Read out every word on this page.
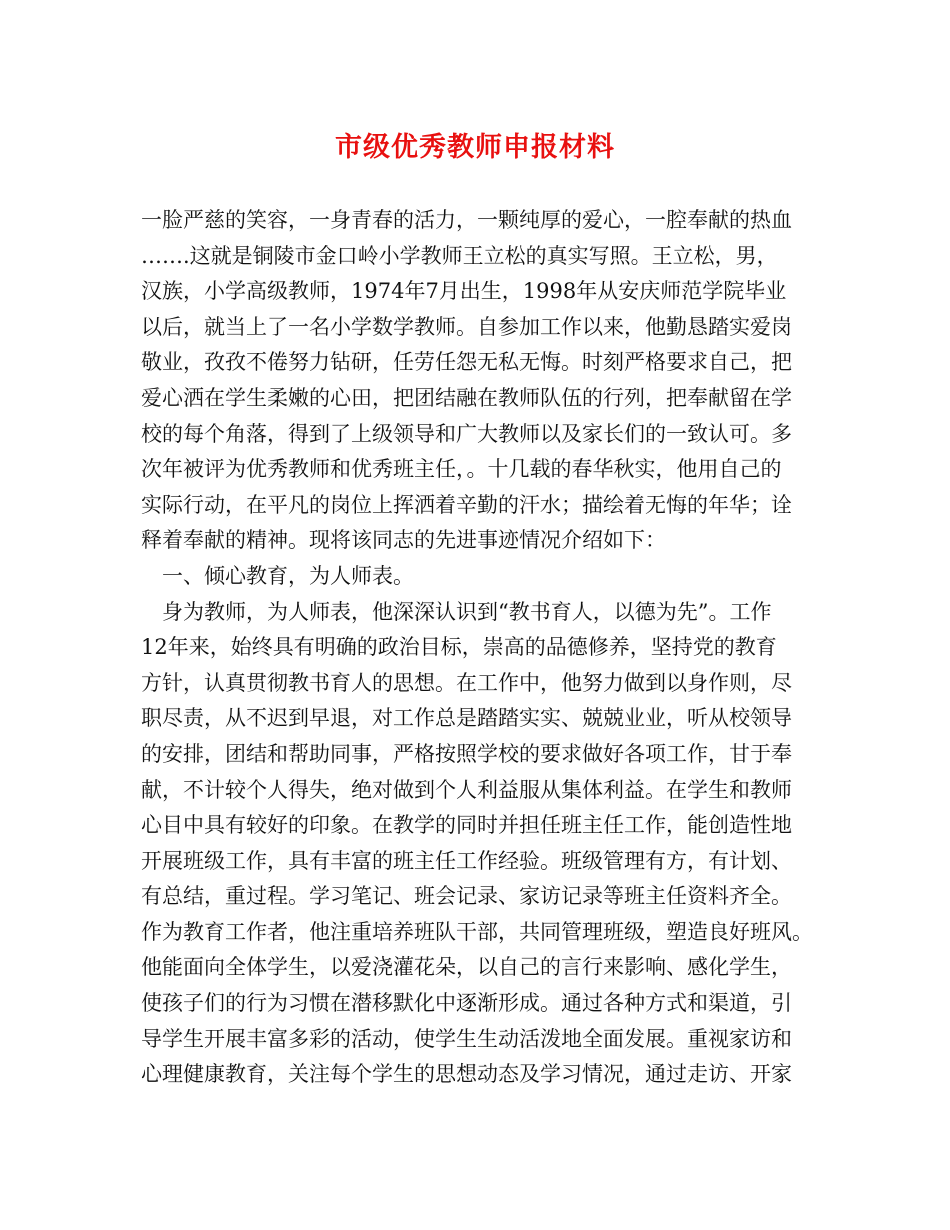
市级优秀教师申报材料
一脸严慈的笑容，一身青春的活力，一颗纯厚的爱心，一腔奉献的热血
…….这就是铜陵市金口岭小学教师王立松的真实写照。王立松，男，
汉族，小学高级教师，1974年7月出生，1998年从安庆师范学院毕业
以后，就当上了一名小学数学教师。自参加工作以来，他勤恳踏实爱岗
敬业，孜孜不倦努力钻研，任劳任怨无私无悔。时刻严格要求自己，把
爱心洒在学生柔嫩的心田，把团结融在教师队伍的行列，把奉献留在学
校的每个角落，得到了上级领导和广大教师以及家长们的一致认可。多
次年被评为优秀教师和优秀班主任，。十几载的春华秋实，他用自己的
实际行动，在平凡的岗位上挥洒着辛勤的汗水；描绘着无悔的年华；诠
释着奉献的精神。现将该同志的先进事迹情况介绍如下：
　一、倾心教育，为人师表。
　身为教师，为人师表，他深深认识到“教书育人，以德为先”。工作
12年来，始终具有明确的政治目标，崇高的品德修养，坚持党的教育
方针，认真贯彻教书育人的思想。在工作中，他努力做到以身作则，尽
职尽责，从不迟到早退，对工作总是踏踏实实、兢兢业业，听从校领导
的安排，团结和帮助同事，严格按照学校的要求做好各项工作，甘于奉
献，不计较个人得失，绝对做到个人利益服从集体利益。在学生和教师
心目中具有较好的印象。在教学的同时并担任班主任工作，能创造性地
开展班级工作，具有丰富的班主任工作经验。班级管理有方，有计划、
有总结，重过程。学习笔记、班会记录、家访记录等班主任资料齐全。
作为教育工作者，他注重培养班队干部，共同管理班级，塑造良好班风。
他能面向全体学生，以爱浇灌花朵，以自己的言行来影响、感化学生，
使孩子们的行为习惯在潜移默化中逐渐形成。通过各种方式和渠道，引
导学生开展丰富多彩的活动，使学生生动活泼地全面发展。重视家访和
心理健康教育，关注每个学生的思想动态及学习情况，通过走访、开家
